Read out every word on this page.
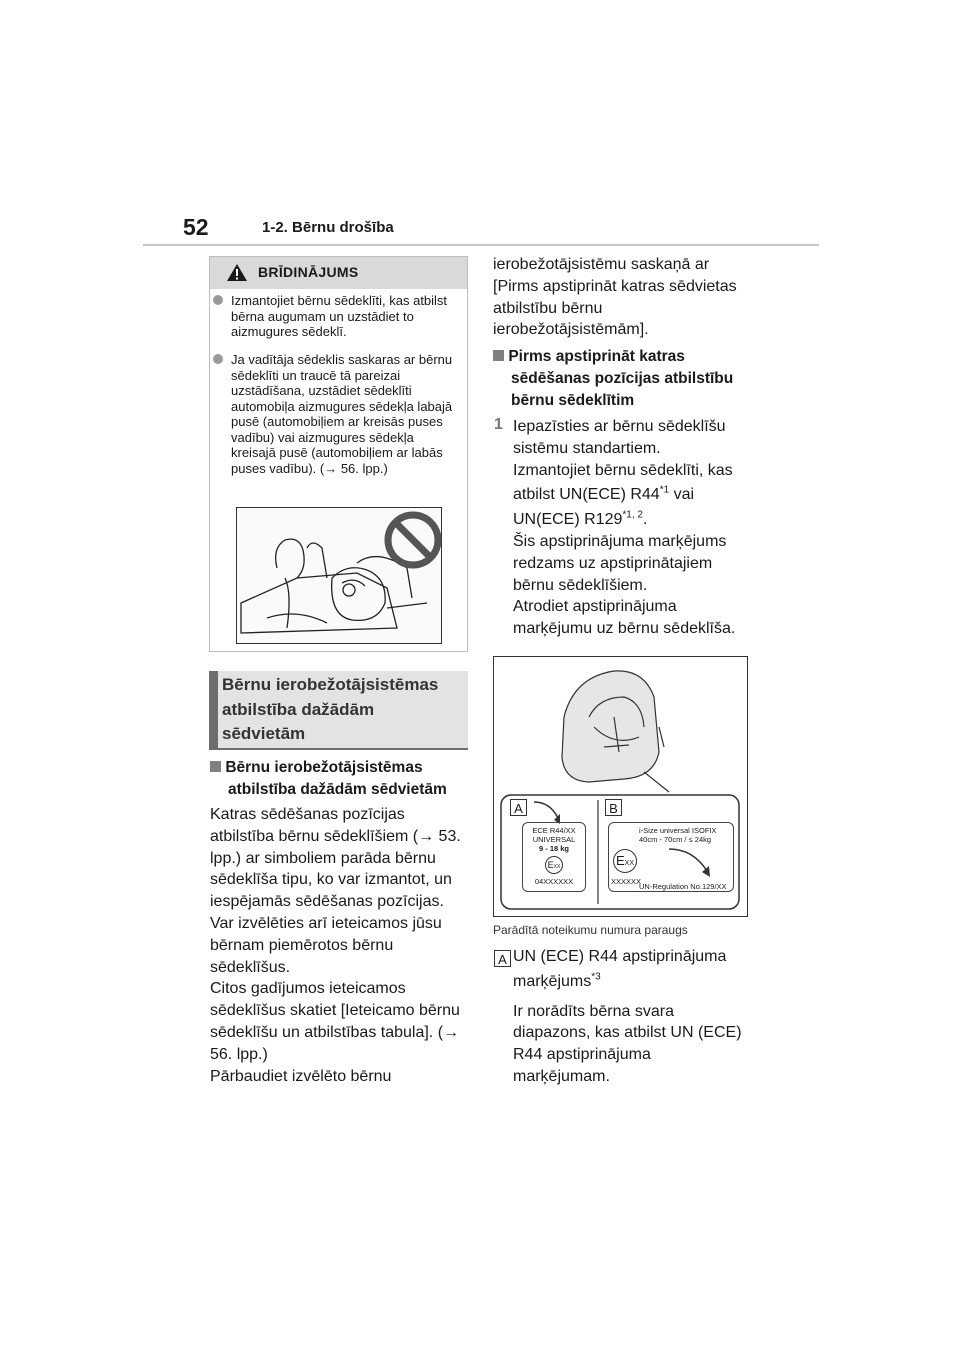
52	1-2. Bērnu drošība
BRĪDINĀJUMS
Izmantojiet bērnu sēdeklīti, kas atbilst bērna augumam un uzstādiet to aizmugures sēdeklī.
Ja vadītāja sēdeklis saskaras ar bērnu sēdeklīti un traucē tā pareizai uzstādīšana, uzstādiet sēdeklīti automobiļa aizmugures sēdekļa labajā pusē (automobiļiem ar kreisās puses vadību) vai aizmugures sēdekļa kreisajā pusē (automobiļiem ar labās puses vadību). (→ 56. lpp.)
Bērnu ierobežotājsistēmas
atbilstība dažādām
sēdvietām
Bērnu ierobežotājsistēmas
atbilstība dažādām sēdvietām
Katras sēdēšanas pozīcijas
atbilstība bērnu sēdeklīšiem (→ 53.
lpp.) ar simboliem parāda bērnu
sēdeklīša tipu, ko var izmantot, un
iespējamās sēdēšanas pozīcijas.
Var izvēlēties arī ieteicamos jūsu
bērnam piemērotos bērnu
sēdeklīšus.
Citos gadījumos ieteicamos
sēdeklīšus skatiet [Ieteicamo bērnu
sēdeklīšu un atbilstības tabula]. (→
56. lpp.)
Pārbaudiet izvēlēto bērnu
ierobežotājsistēmu saskaņā ar
[Pirms apstiprināt katras sēdvietas
atbilstību bērnu
ierobežotājsistēmām].
Pirms apstiprināt katras
sēdēšanas pozīcijas atbilstību
bērnu sēdeklītim
1 Iepazīsties ar bērnu sēdeklīšu
sistēmu standartiem.
Izmantojiet bērnu sēdeklīti, kas
atbilst UN(ECE) R44$^{*1}$ vai
UN(ECE) R129$^{*1, 2}$.
Šis apstiprinājuma marķējums
redzams uz apstiprinātajiem
bērnu sēdeklīšiem.
Atrodiet apstiprinājuma
marķējumu uz bērnu sēdeklīša.
A	B
ECE R44/XX
UNIVERSAL
9 - 18 kg
EXX
04XXXXXX
i-Size universal ISOFIX
40cm - 70cm / ≤ 24kg
EXX
XXXXXX
UN-Regulation No.129/XX
Parādītā noteikumu numura paraugs
A UN (ECE) R44 apstiprinājuma
marķējums$^{*3}$
Ir norādīts bērna svara
diapazons, kas atbilst UN (ECE)
R44 apstiprinājuma
marķējumam.
